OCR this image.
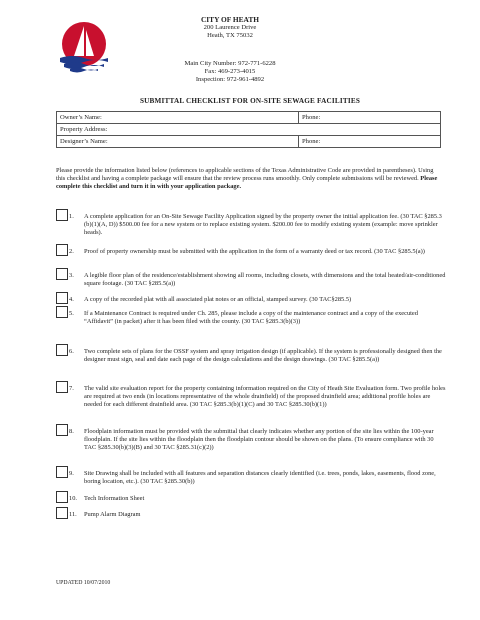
CITY OF HEATH
200 Laurence Drive
Heath, TX 75032
Main City Number: 972-771-6228
Fax: 469-273-4015
Inspection: 972-961-4892
SUBMITTAL CHECKLIST FOR ON-SITE SEWAGE FACILITIES
Owner’s Name:	Phone:
Property Address:	
Designer’s Name:	Phone:
Please provide the information listed below (references to applicable sections of the Texas Administrative Code are provided in parentheses). Using this checklist and having a complete package will ensure that the review process runs smoothly. Only complete submissions will be reviewed. Please complete this checklist and turn it in with your application package.
1. A complete application for an On-Site Sewage Facility Application signed by the property owner the initial application fee. (30 TAC §285.3 (b)(1)(A, D)) $500.00 fee for a new system or to replace existing system. $200.00 fee to modify existing system (example: move sprinkler heads).
2. Proof of property ownership must be submitted with the application in the form of a warranty deed or tax record. (30 TAC §285.5(a))
3. A legible floor plan of the residence/establishment showing all rooms, including closets, with dimensions and the total heated/air-conditioned square footage. (30 TAC §285.5(a))
4. A copy of the recorded plat with all associated plat notes or an official, stamped survey. (30 TAC§285.5)
5. If a Maintenance Contract is required under Ch. 285, please include a copy of the maintenance contract and a copy of the executed “Affidavit” (in packet) after it has been filed with the county. (30 TAC §285.3(b)(3))
6. Two complete sets of plans for the OSSF system and spray irrigation design (if applicable). If the system is professionally designed then the designer must sign, seal and date each page of the design calculations and the design drawings. (30 TAC §285.5(a))
7. The valid site evaluation report for the property containing information required on the City of Heath Site Evaluation form. Two profile holes are required at two ends (in locations representative of the whole drainfield) of the proposed drainfield area; additional profile holes are needed for each different drainfield area. (30 TAC §285.3(b)(1)(C) and 30 TAC §285.30(b)(1))
8. Floodplain information must be provided with the submittal that clearly indicates whether any portion of the site lies within the 100-year floodplain. If the site lies within the floodplain then the floodplain contour should be shown on the plans. (To ensure compliance with 30 TAC §285.30(b)(3)(B) and 30 TAC §285.31(c)(2))
9. Site Drawing shall be included with all features and separation distances clearly identified (i.e. trees, ponds, lakes, easements, flood zone, boring location, etc.). (30 TAC §285.30(b))
10. Tech Information Sheet
11. Pump Alarm Diagram
UPDATED 10/07/2010
